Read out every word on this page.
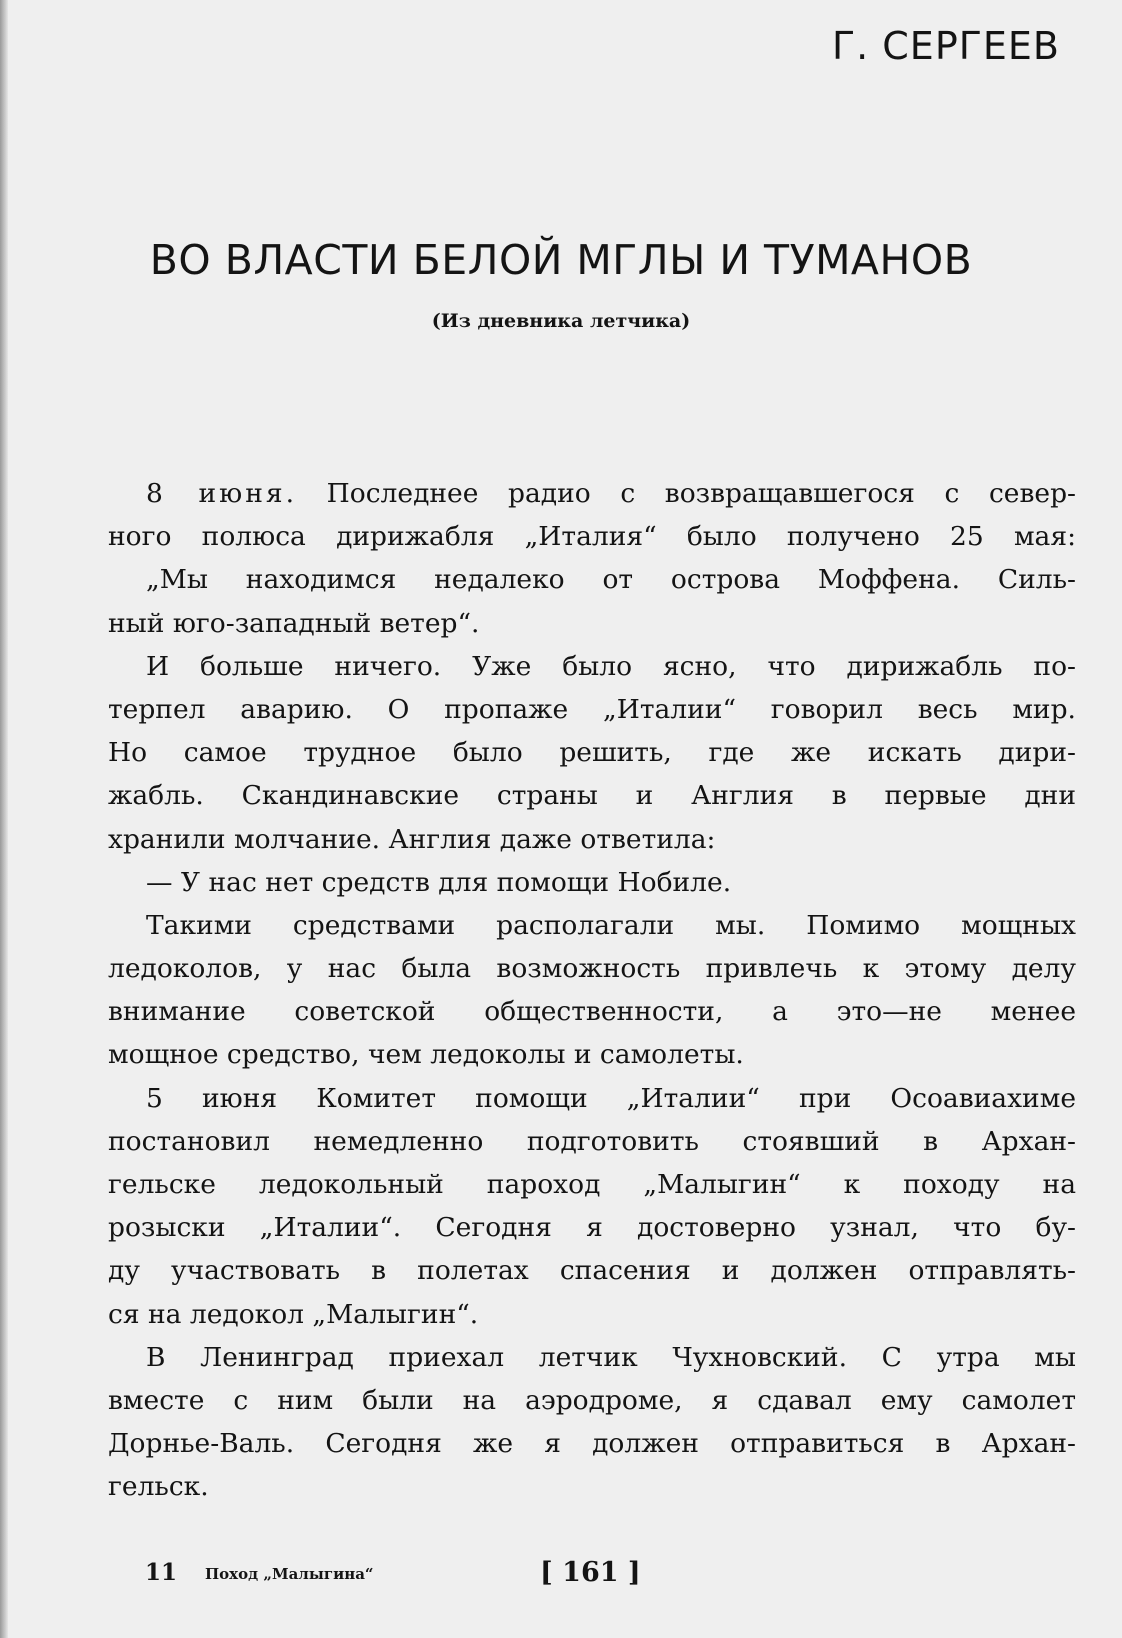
Г. СЕРГЕЕВ
ВО ВЛАСТИ БЕЛОЙ МГЛЫ И ТУМАНОВ
(Из дневника летчика)
8 июня. Последнее радио с возвращавшегося с север-
ного полюса дирижабля „Италия“ было получено 25 мая:
„Мы находимся недалеко от острова Моффена. Силь-
ный юго-западный ветер“.
И больше ничего. Уже было ясно, что дирижабль по-
терпел аварию. О пропаже „Италии“ говорил весь мир.
Но самое трудное было решить, где же искать дири-
жабль. Скандинавские страны и Англия в первые дни
хранили молчание. Англия даже ответила:
— У нас нет средств для помощи Нобиле.
Такими средствами располагали мы. Помимо мощных
ледоколов, у нас была возможность привлечь к этому делу
внимание советской общественности, а это—не менее
мощное средство, чем ледоколы и самолеты.
5 июня Комитет помощи „Италии“ при Осоавиахиме
постановил немедленно подготовить стоявший в Архан-
гельске ледокольный пароход „Малыгин“ к походу на
розыски „Италии“. Сегодня я достоверно узнал, что бу-
ду участвовать в полетах спасения и должен отправлять-
ся на ледокол „Малыгин“.
В Ленинград приехал летчик Чухновский. С утра мы
вместе с ним были на аэродроме, я сдавал ему самолет
Дорнье-Валь. Сегодня же я должен отправиться в Архан-
гельск.
11 Поход „Малыгина“	[ 161 ]
